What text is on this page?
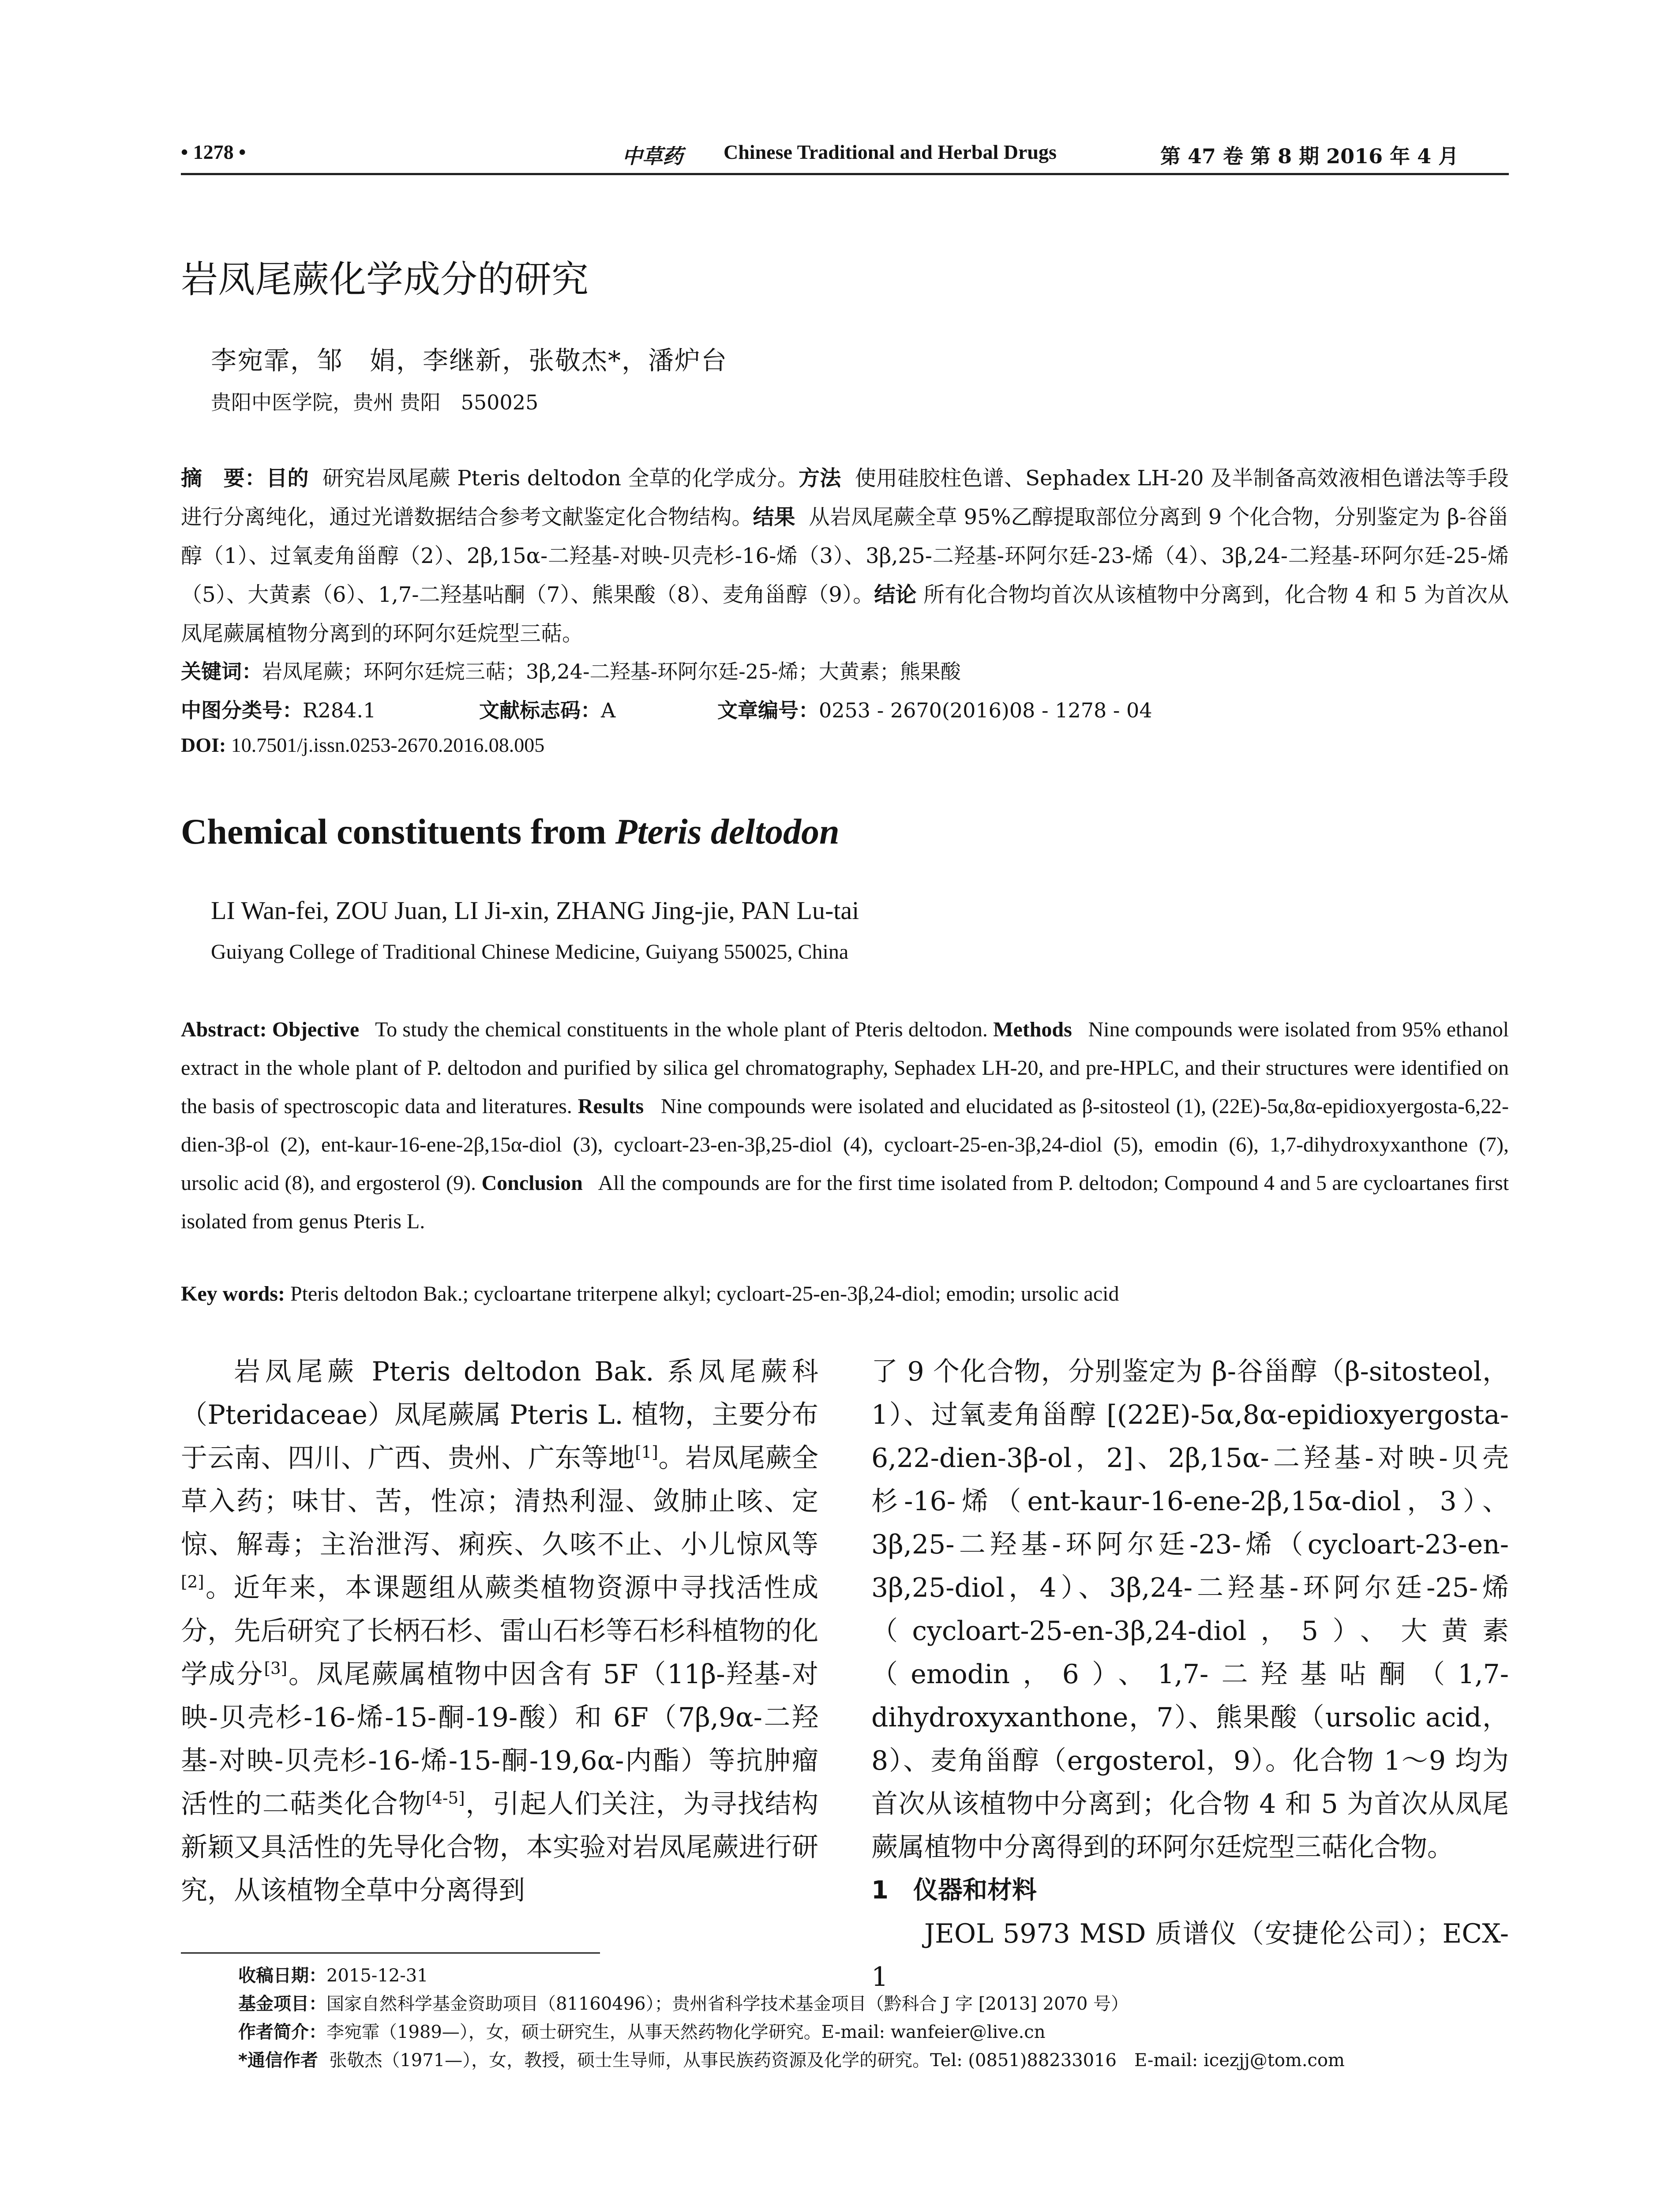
• 1278 •	中草药 Chinese Traditional and Herbal Drugs	第 47 卷 第 8 期 2016 年 4 月
岩凤尾蕨化学成分的研究
李宛霏，邹　娟，李继新，张敬杰*，潘炉台
贵阳中医学院，贵州 贵阳　550025
摘　要：目的 研究岩凤尾蕨 Pteris deltodon 全草的化学成分。方法 使用硅胶柱色谱、Sephadex LH-20 及半制备高效液相色谱法等手段进行分离纯化，通过光谱数据结合参考文献鉴定化合物结构。结果 从岩凤尾蕨全草 95%乙醇提取部位分离到 9 个化合物，分别鉴定为 β-谷甾醇（1）、过氧麦角甾醇（2）、2β,15α-二羟基-对映-贝壳杉-16-烯（3）、3β,25-二羟基-环阿尔廷-23-烯（4）、3β,24-二羟基-环阿尔廷-25-烯（5）、大黄素（6）、1,7-二羟基呫酮（7）、熊果酸（8）、麦角甾醇（9）。结论 所有化合物均首次从该植物中分离到，化合物 4 和 5 为首次从凤尾蕨属植物分离到的环阿尔廷烷型三萜。
关键词：岩凤尾蕨；环阿尔廷烷三萜；3β,24-二羟基-环阿尔廷-25-烯；大黄素；熊果酸
中图分类号：R284.1	文献标志码：A	文章编号：0253 - 2670(2016)08 - 1278 - 04
DOI: 10.7501/j.issn.0253-2670.2016.08.005
Chemical constituents from Pteris deltodon
LI Wan-fei, ZOU Juan, LI Ji-xin, ZHANG Jing-jie, PAN Lu-tai
Guiyang College of Traditional Chinese Medicine, Guiyang 550025, China
Abstract: Objective To study the chemical constituents in the whole plant of Pteris deltodon. Methods Nine compounds were isolated from 95% ethanol extract in the whole plant of P. deltodon and purified by silica gel chromatography, Sephadex LH-20, and pre-HPLC, and their structures were identified on the basis of spectroscopic data and literatures. Results Nine compounds were isolated and elucidated as β-sitosteol (1), (22E)-5α,8α-epidioxyergosta-6,22-dien-3β-ol (2), ent-kaur-16-ene-2β,15α-diol (3), cycloart-23-en-3β,25-diol (4), cycloart-25-en-3β,24-diol (5), emodin (6), 1,7-dihydroxyxanthone (7), ursolic acid (8), and ergosterol (9). Conclusion All the compounds are for the first time isolated from P. deltodon; Compound 4 and 5 are cycloartanes first isolated from genus Pteris L.
Key words: Pteris deltodon Bak.; cycloartane triterpene alkyl; cycloart-25-en-3β,24-diol; emodin; ursolic acid
岩凤尾蕨 Pteris deltodon Bak. 系凤尾蕨科（Pteridaceae）凤尾蕨属 Pteris L. 植物，主要分布于云南、四川、广西、贵州、广东等地[1]。岩凤尾蕨全草入药；味甘、苦，性凉；清热利湿、敛肺止咳、定惊、解毒；主治泄泻、痢疾、久咳不止、小儿惊风等[2]。近年来，本课题组从蕨类植物资源中寻找活性成分，先后研究了长柄石杉、雷山石杉等石杉科植物的化学成分[3]。凤尾蕨属植物中因含有 5F（11β-羟基-对映-贝壳杉-16-烯-15-酮-19-酸）和 6F（7β,9α-二羟基-对映-贝壳杉-16-烯-15-酮-19,6α-内酯）等抗肿瘤活性的二萜类化合物[4-5]，引起人们关注，为寻找结构新颖又具活性的先导化合物，本实验对岩凤尾蕨进行研究，从该植物全草中分离得到
了 9 个化合物，分别鉴定为 β-谷甾醇（β-sitosteol，1）、过氧麦角甾醇 [(22E)-5α,8α-epidioxyergosta-6,22-dien-3β-ol，2]、2β,15α-二羟基-对映-贝壳杉-16-烯（ent-kaur-16-ene-2β,15α-diol，3）、3β,25-二羟基-环阿尔廷-23-烯（cycloart-23-en-3β,25-diol，4）、3β,24-二羟基-环阿尔廷-25-烯（cycloart-25-en-3β,24-diol，5）、大黄素（emodin，6）、1,7-二羟基呫酮（1,7-dihydroxyxanthone，7）、熊果酸（ursolic acid，8）、麦角甾醇（ergosterol，9）。化合物 1～9 均为首次从该植物中分离到；化合物 4 和 5 为首次从凤尾蕨属植物中分离得到的环阿尔廷烷型三萜化合物。
1　仪器和材料
JEOL 5973 MSD 质谱仪（安捷伦公司）；ECX-1
收稿日期：2015-12-31
基金项目：国家自然科学基金资助项目（81160496）；贵州省科学技术基金项目（黔科合 J 字 [2013] 2070 号）
作者简介：李宛霏（1989—），女，硕士研究生，从事天然药物化学研究。E-mail: wanfeier@live.cn
*通信作者 张敬杰（1971—），女，教授，硕士生导师，从事民族药资源及化学的研究。Tel: (0851)88233016　E-mail: icezjj@tom.com
